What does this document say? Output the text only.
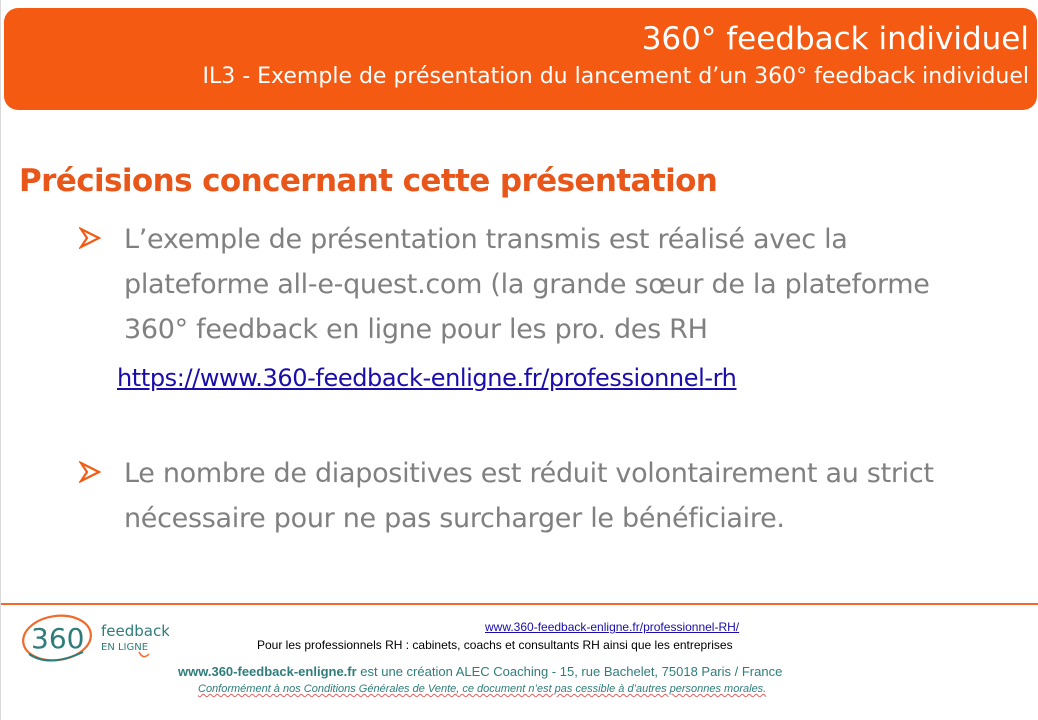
360° feedback individuel
IL3 - Exemple de présentation du lancement d’un 360° feedback individuel
Précisions concernant cette présentation
L’exemple de présentation transmis est réalisé avec la plateforme all-e-quest.com (la grande sœur de la plateforme 360° feedback en ligne pour les pro. des RH
https://www.360-feedback-enligne.fr/professionnel-rh
Le nombre de diapositives est réduit volontairement au strict nécessaire pour ne pas surcharger le bénéficiaire.
360 feedback
EN LIGNE
www.360-feedback-enligne.fr/professionnel-RH/
Pour les professionnels RH : cabinets, coachs et consultants RH ainsi que les entreprises
www.360-feedback-enligne.fr est une création ALEC Coaching - 15, rue Bachelet, 75018 Paris / France
Conformément à nos Conditions Générales de Vente, ce document n’est pas cessible à d’autres personnes morales.
